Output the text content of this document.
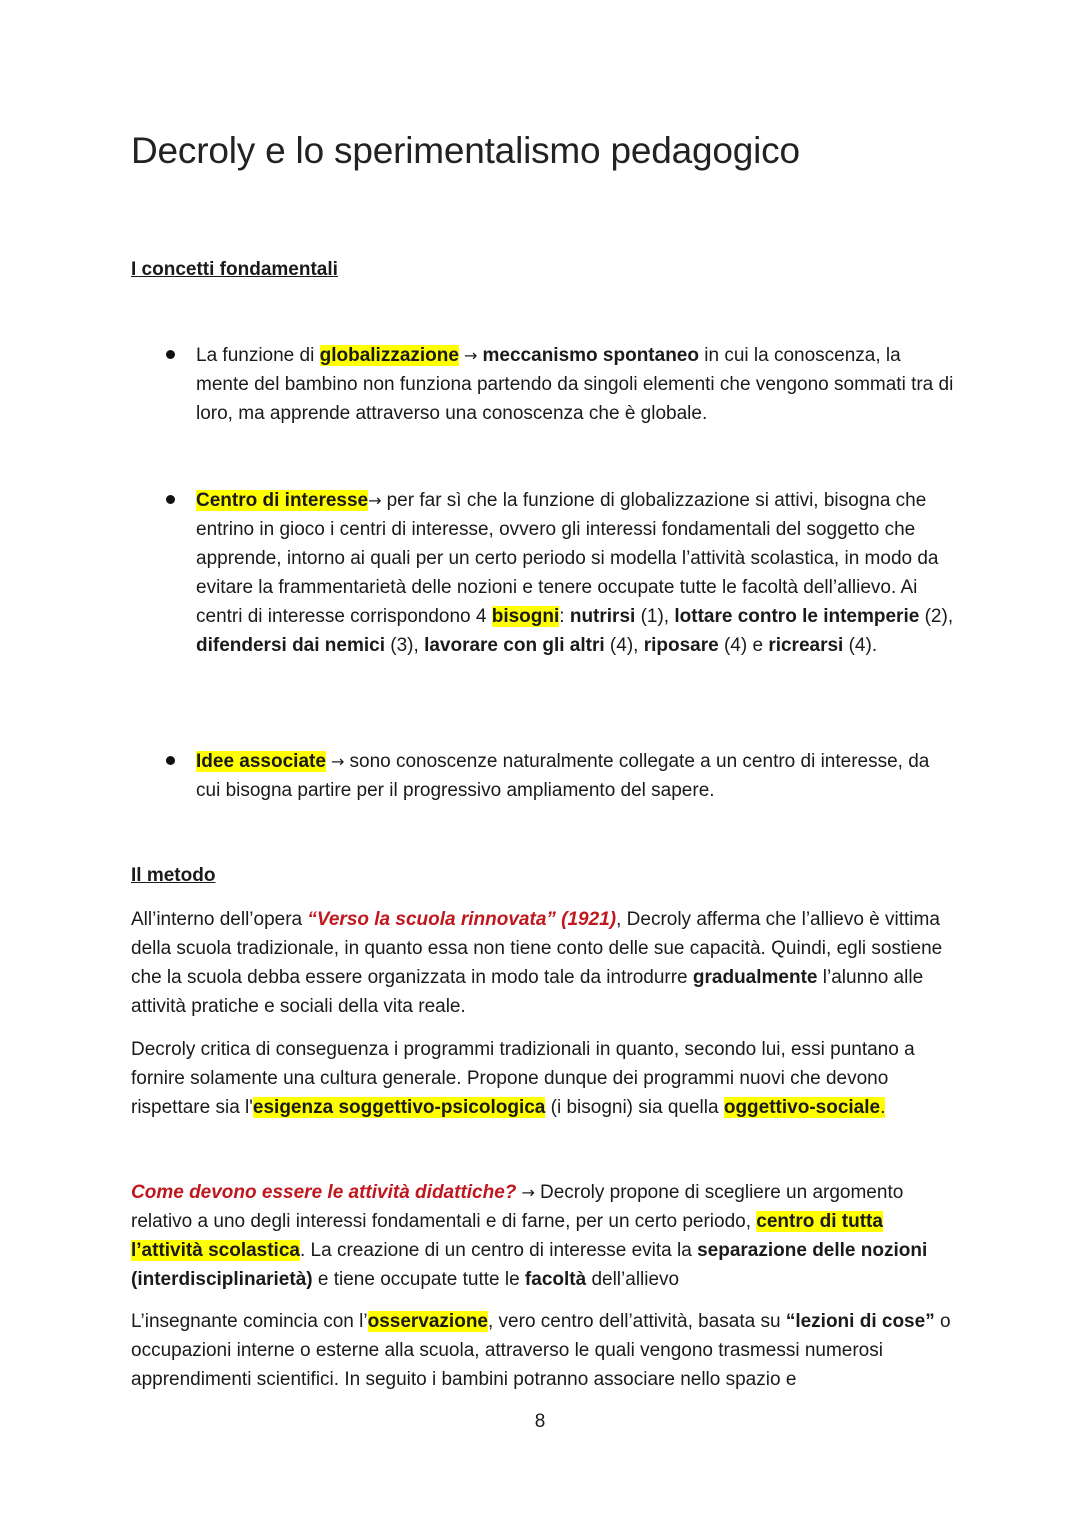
Decroly e lo sperimentalismo pedagogico
I concetti fondamentali
La funzione di globalizzazione → meccanismo spontaneo in cui la conoscenza, la mente del bambino non funziona partendo da singoli elementi che vengono sommati tra di loro, ma apprende attraverso una conoscenza che è globale.
Centro di interesse→ per far sì che la funzione di globalizzazione si attivi, bisogna che entrino in gioco i centri di interesse, ovvero gli interessi fondamentali del soggetto che apprende, intorno ai quali per un certo periodo si modella l’attività scolastica, in modo da evitare la frammentarietà delle nozioni e tenere occupate tutte le facoltà dell’allievo. Ai centri di interesse corrispondono 4 bisogni: nutrirsi (1), lottare contro le intemperie (2), difendersi dai nemici (3), lavorare con gli altri (4), riposare (4) e ricrearsi (4).
Idee associate → sono conoscenze naturalmente collegate a un centro di interesse, da cui bisogna partire per il progressivo ampliamento del sapere.
Il metodo

All’interno dell’opera “Verso la scuola rinnovata” (1921), Decroly afferma che l’allievo è vittima della scuola tradizionale, in quanto essa non tiene conto delle sue capacità. Quindi, egli sostiene che la scuola debba essere organizzata in modo tale da introdurre gradualmente l’alunno alle attività pratiche e sociali della vita reale.

Decroly critica di conseguenza i programmi tradizionali in quanto, secondo lui, essi puntano a fornire solamente una cultura generale. Propone dunque dei programmi nuovi che devono rispettare sia l'esigenza soggettivo-psicologica (i bisogni) sia quella oggettivo-sociale.

Come devono essere le attività didattiche? → Decroly propone di scegliere un argomento relativo a uno degli interessi fondamentali e di farne, per un certo periodo, centro di tutta l’attività scolastica. La creazione di un centro di interesse evita la separazione delle nozioni (interdisciplinarietà) e tiene occupate tutte le facoltà dell’allievo

L’insegnante comincia con l’osservazione, vero centro dell’attività, basata su “lezioni di cose” o occupazioni interne o esterne alla scuola, attraverso le quali vengono trasmessi numerosi apprendimenti scientifici. In seguito i bambini potranno associare nello spazio e

8
